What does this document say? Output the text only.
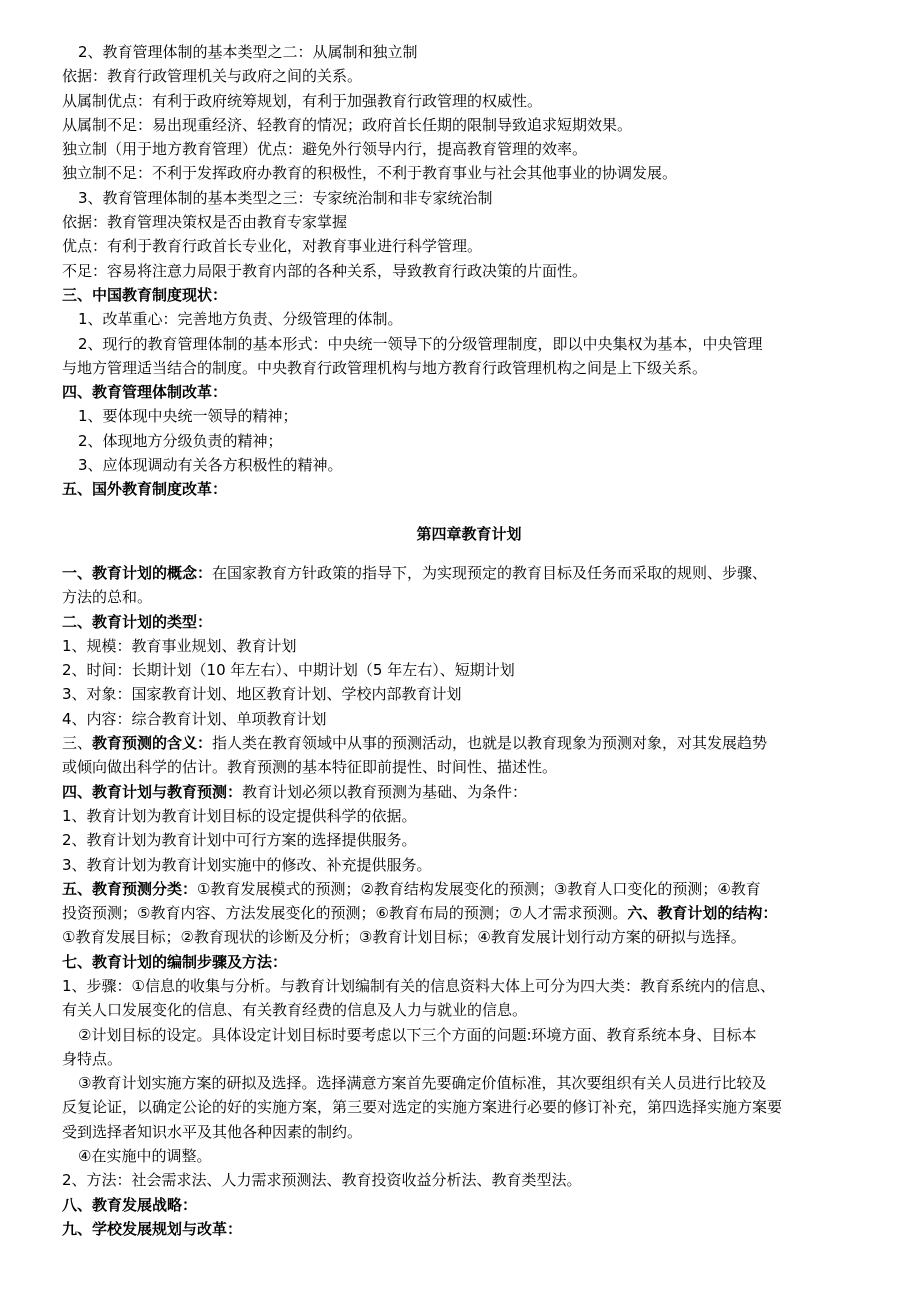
2、教育管理体制的基本类型之二：从属制和独立制

依据：教育行政管理机关与政府之间的关系。

从属制优点：有利于政府统筹规划，有利于加强教育行政管理的权威性。

从属制不足：易出现重经济、轻教育的情况；政府首长任期的限制导致追求短期效果。

独立制（用于地方教育管理）优点：避免外行领导内行，提高教育管理的效率。

独立制不足：不利于发挥政府办教育的积极性，不利于教育事业与社会其他事业的协调发展。

3、教育管理体制的基本类型之三：专家统治制和非专家统治制

依据：教育管理决策权是否由教育专家掌握

优点：有利于教育行政首长专业化，对教育事业进行科学管理。

不足：容易将注意力局限于教育内部的各种关系，导致教育行政决策的片面性。

三、中国教育制度现状：

1、改革重心：完善地方负责、分级管理的体制。

2、现行的教育管理体制的基本形式：中央统一领导下的分级管理制度，即以中央集权为基本，中央管理

与地方管理适当结合的制度。中央教育行政管理机构与地方教育行政管理机构之间是上下级关系。

四、教育管理体制改革：

1、要体现中央统一领导的精神；

2、体现地方分级负责的精神；

3、应体现调动有关各方积极性的精神。

五、国外教育制度改革：

第四章教育计划

一、教育计划的概念：在国家教育方针政策的指导下，为实现预定的教育目标及任务而采取的规则、步骤、

方法的总和。

二、教育计划的类型：

1、规模：教育事业规划、教育计划

2、时间：长期计划（10 年左右）、中期计划（5 年左右）、短期计划

3、对象：国家教育计划、地区教育计划、学校内部教育计划

4、内容：综合教育计划、单项教育计划

三、教育预测的含义：指人类在教育领域中从事的预测活动，也就是以教育现象为预测对象，对其发展趋势

或倾向做出科学的估计。教育预测的基本特征即前提性、时间性、描述性。

四、教育计划与教育预测：教育计划必须以教育预测为基础、为条件：

1、教育计划为教育计划目标的设定提供科学的依据。

2、教育计划为教育计划中可行方案的选择提供服务。

3、教育计划为教育计划实施中的修改、补充提供服务。

五、教育预测分类：①教育发展模式的预测；②教育结构发展变化的预测；③教育人口变化的预测；④教育

投资预测；⑤教育内容、方法发展变化的预测；⑥教育布局的预测；⑦人才需求预测。六、教育计划的结构：

①教育发展目标；②教育现状的诊断及分析；③教育计划目标；④教育发展计划行动方案的研拟与选择。

七、教育计划的编制步骤及方法：

1、步骤：①信息的收集与分析。与教育计划编制有关的信息资料大体上可分为四大类：教育系统内的信息、

有关人口发展变化的信息、有关教育经费的信息及人力与就业的信息。

②计划目标的设定。具体设定计划目标时要考虑以下三个方面的问题:环境方面、教育系统本身、目标本

身特点。

③教育计划实施方案的研拟及选择。选择满意方案首先要确定价值标准，其次要组织有关人员进行比较及

反复论证，以确定公论的好的实施方案，第三要对选定的实施方案进行必要的修订补充，第四选择实施方案要

受到选择者知识水平及其他各种因素的制约。

④在实施中的调整。

2、方法：社会需求法、人力需求预测法、教育投资收益分析法、教育类型法。

八、教育发展战略：

九、学校发展规划与改革：
